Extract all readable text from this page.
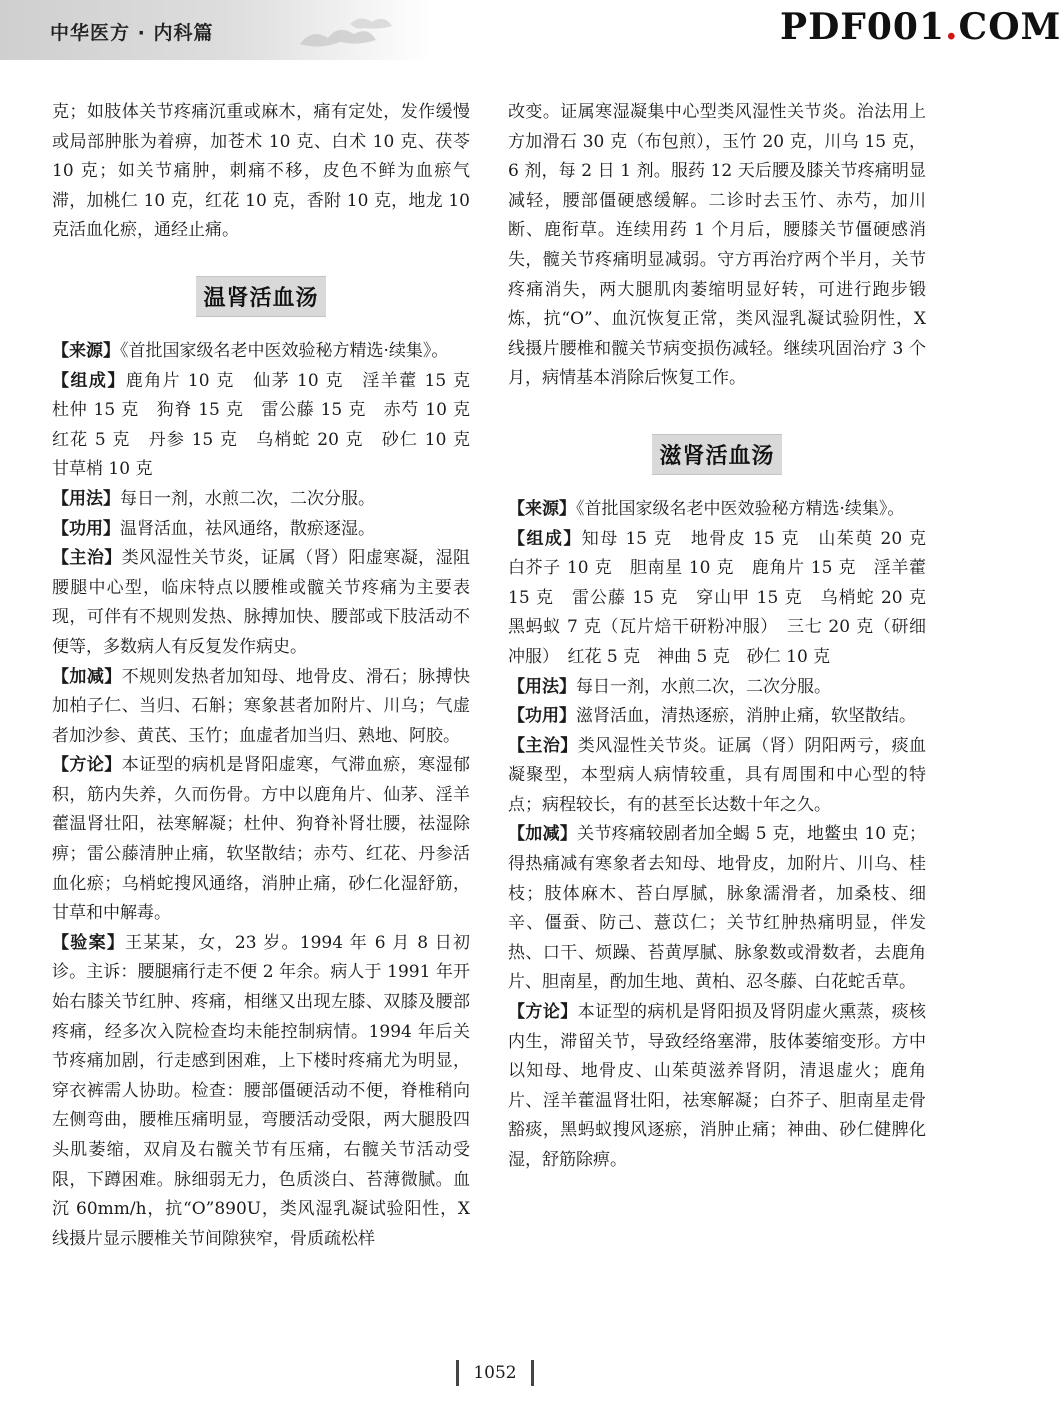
中华医方 · 内科篇	PDF001.COM

克；如肢体关节疼痛沉重或麻木，痛有定处，发作缓慢或局部肿胀为着痹，加苍术 10 克、白术 10 克、茯苓 10 克；如关节痛肿，刺痛不移，皮色不鲜为血瘀气滞，加桃仁 10 克，红花 10 克，香附 10 克，地龙 10 克活血化瘀，通经止痛。

温肾活血汤

【来源】《首批国家级名老中医效验秘方精选·续集》。

【组成】鹿角片 10 克　仙茅 10 克　淫羊藿 15 克　杜仲 15 克　狗脊 15 克　雷公藤 15 克　赤芍 10 克　红花 5 克　丹参 15 克　乌梢蛇 20 克　砂仁 10 克　甘草梢 10 克

【用法】每日一剂，水煎二次，二次分服。

【功用】温肾活血，祛风通络，散瘀逐湿。

【主治】类风湿性关节炎，证属（肾）阳虚寒凝，湿阻腰腿中心型，临床特点以腰椎或髋关节疼痛为主要表现，可伴有不规则发热、脉搏加快、腰部或下肢活动不便等，多数病人有反复发作病史。

【加减】不规则发热者加知母、地骨皮、滑石；脉搏快加柏子仁、当归、石斛；寒象甚者加附片、川乌；气虚者加沙参、黄芪、玉竹；血虚者加当归、熟地、阿胶。

【方论】本证型的病机是肾阳虚寒，气滞血瘀，寒湿郁积，筋内失养，久而伤骨。方中以鹿角片、仙茅、淫羊藿温肾壮阳，祛寒解凝；杜仲、狗脊补肾壮腰，祛湿除痹；雷公藤清肿止痛，软坚散结；赤芍、红花、丹参活血化瘀；乌梢蛇搜风通络，消肿止痛，砂仁化湿舒筋，甘草和中解毒。

【验案】王某某，女，23 岁。1994 年 6 月 8 日初诊。主诉：腰腿痛行走不便 2 年余。病人于 1991 年开始右膝关节红肿、疼痛，相继又出现左膝、双膝及腰部疼痛，经多次入院检查均未能控制病情。1994 年后关节疼痛加剧，行走感到困难，上下楼时疼痛尤为明显，穿衣裤需人协助。检查：腰部僵硬活动不便，脊椎稍向左侧弯曲，腰椎压痛明显，弯腰活动受限，两大腿股四头肌萎缩，双肩及右髋关节有压痛，右髋关节活动受限，下蹲困难。脉细弱无力，色质淡白、苔薄微腻。血沉 60mm/h，抗“O”890U，类风湿乳凝试验阳性，X 线摄片显示腰椎关节间隙狭窄，骨质疏松样

改变。证属寒湿凝集中心型类风湿性关节炎。治法用上方加滑石 30 克（布包煎），玉竹 20 克，川乌 15 克，6 剂，每 2 日 1 剂。服药 12 天后腰及膝关节疼痛明显减轻，腰部僵硬感缓解。二诊时去玉竹、赤芍，加川断、鹿衔草。连续用药 1 个月后，腰膝关节僵硬感消失，髋关节疼痛明显减弱。守方再治疗两个半月，关节疼痛消失，两大腿肌肉萎缩明显好转，可进行跑步锻炼，抗“O”、血沉恢复正常，类风湿乳凝试验阴性，X 线摄片腰椎和髋关节病变损伤减轻。继续巩固治疗 3 个月，病情基本消除后恢复工作。

滋肾活血汤

【来源】《首批国家级名老中医效验秘方精选·续集》。

【组成】知母 15 克　地骨皮 15 克　山茱萸 20 克　白芥子 10 克　胆南星 10 克　鹿角片 15 克　淫羊藿 15 克　雷公藤 15 克　穿山甲 15 克　乌梢蛇 20 克　黑蚂蚁 7 克（瓦片焙干研粉冲服）　三七 20 克（研细冲服）　红花 5 克　神曲 5 克　砂仁 10 克

【用法】每日一剂，水煎二次，二次分服。

【功用】滋肾活血，清热逐瘀，消肿止痛，软坚散结。

【主治】类风湿性关节炎。证属（肾）阴阳两亏，痰血凝聚型，本型病人病情较重，具有周围和中心型的特点；病程较长，有的甚至长达数十年之久。

【加减】关节疼痛较剧者加全蝎 5 克，地鳖虫 10 克；得热痛减有寒象者去知母、地骨皮，加附片、川乌、桂枝；肢体麻木、苔白厚腻，脉象濡滑者，加桑枝、细辛、僵蚕、防己、薏苡仁；关节红肿热痛明显，伴发热、口干、烦躁、苔黄厚腻、脉象数或滑数者，去鹿角片、胆南星，酌加生地、黄柏、忍冬藤、白花蛇舌草。

【方论】本证型的病机是肾阳损及肾阴虚火熏蒸，痰核内生，滞留关节，导致经络塞滞，肢体萎缩变形。方中以知母、地骨皮、山茱萸滋养肾阴，清退虚火；鹿角片、淫羊藿温肾壮阳，祛寒解凝；白芥子、胆南星走骨豁痰，黑蚂蚁搜风逐瘀，消肿止痛；神曲、砂仁健脾化湿，舒筋除痹。

1052
